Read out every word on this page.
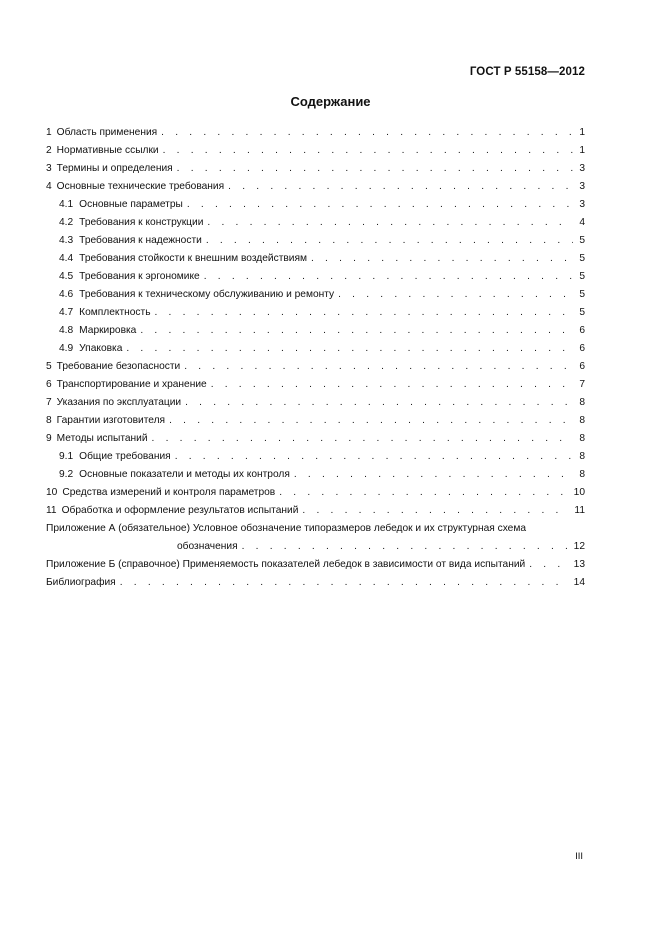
ГОСТ Р 55158—2012
Содержание
1 Область применения . . .	1
2 Нормативные ссылки . . .	1
3 Термины и определения . . .	3
4 Основные технические требования . . .	3
4.1 Основные параметры . . .	3
4.2 Требования к конструкции . . .	4
4.3 Требования к надежности . . .	5
4.4 Требования стойкости к внешним воздействиям . . .	5
4.5 Требования к эргономике . . .	5
4.6 Требования к техническому обслуживанию и ремонту . . .	5
4.7 Комплектность . . .	5
4.8 Маркировка . . .	6
4.9 Упаковка . . .	6
5 Требование безопасности . . .	6
6 Транспортирование и хранение . . .	7
7 Указания по эксплуатации . . .	8
8 Гарантии изготовителя . . .	8
9 Методы испытаний . . .	8
9.1 Общие требования . . .	8
9.2 Основные показатели и методы их контроля . . .	8
10 Средства измерений и контроля параметров . . .	10
11 Обработка и оформление результатов испытаний . . .	11
Приложение А (обязательное) Условное обозначение типоразмеров лебедок и их структурная схема
обозначения . . .	12
Приложение Б (справочное) Применяемость показателей лебедок в зависимости от вида испытаний . . .	13
Библиография . . .	14
III
